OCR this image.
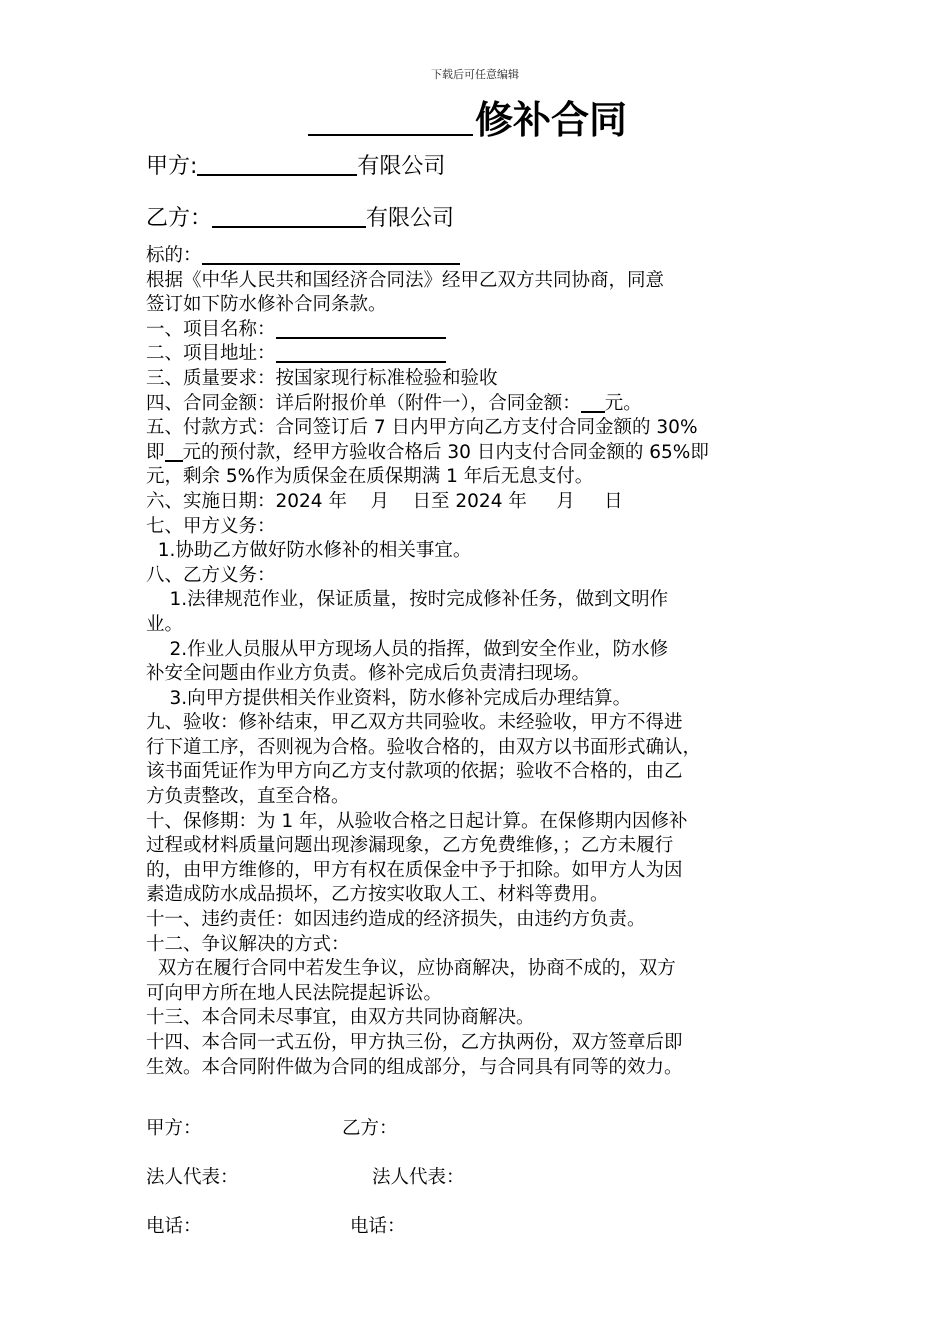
下载后可任意编辑
修补合同
甲方:	有限公司
乙方：	有限公司

标的：

根据《中华人民共和国经济合同法》经甲乙双方共同协商，同意

签订如下防水修补合同条款。

一、项目名称：

二、项目地址：

三、质量要求：按国家现行标准检验和验收

四、合同金额：详后附报价单（附件一），合同金额： 元。

五、付款方式：合同签订后 7 日内甲方向乙方支付合同金额的 30%

即 元的预付款，经甲方验收合格后 30 日内支付合同金额的 65%即

元，剩余 5%作为质保金在质保期满 1 年后无息支付。

六、实施日期：2024 年    月    日至 2024 年     月     日

七、甲方义务：

1.协助乙方做好防水修补的相关事宜。

八、乙方义务：

1.法律规范作业，保证质量，按时完成修补任务，做到文明作

业。

2.作业人员服从甲方现场人员的指挥，做到安全作业，防水修

补安全问题由作业方负责。修补完成后负责清扫现场。

3.向甲方提供相关作业资料，防水修补完成后办理结算。

九、验收：修补结束，甲乙双方共同验收。未经验收，甲方不得进

行下道工序，否则视为合格。验收合格的，由双方以书面形式确认，

该书面凭证作为甲方向乙方支付款项的依据；验收不合格的，由乙

方负责整改，直至合格。

十、保修期：为 1 年，从验收合格之日起计算。在保修期内因修补

过程或材料质量问题出现渗漏现象，乙方免费维修，；乙方未履行

的，由甲方维修的，甲方有权在质保金中予于扣除。如甲方人为因

素造成防水成品损坏，乙方按实收取人工、材料等费用。

十一、违约责任：如因违约造成的经济损失，由违约方负责。

十二、争议解决的方式：

双方在履行合同中若发生争议，应协商解决，协商不成的，双方

可向甲方所在地人民法院提起诉讼。

十三、本合同未尽事宜，由双方共同协商解决。

十四、本合同一式五份，甲方执三份，乙方执两份，双方签章后即

生效。本合同附件做为合同的组成部分，与合同具有同等的效力。

甲方：	乙方：
法人代表：	法人代表：
电话：	电话：
